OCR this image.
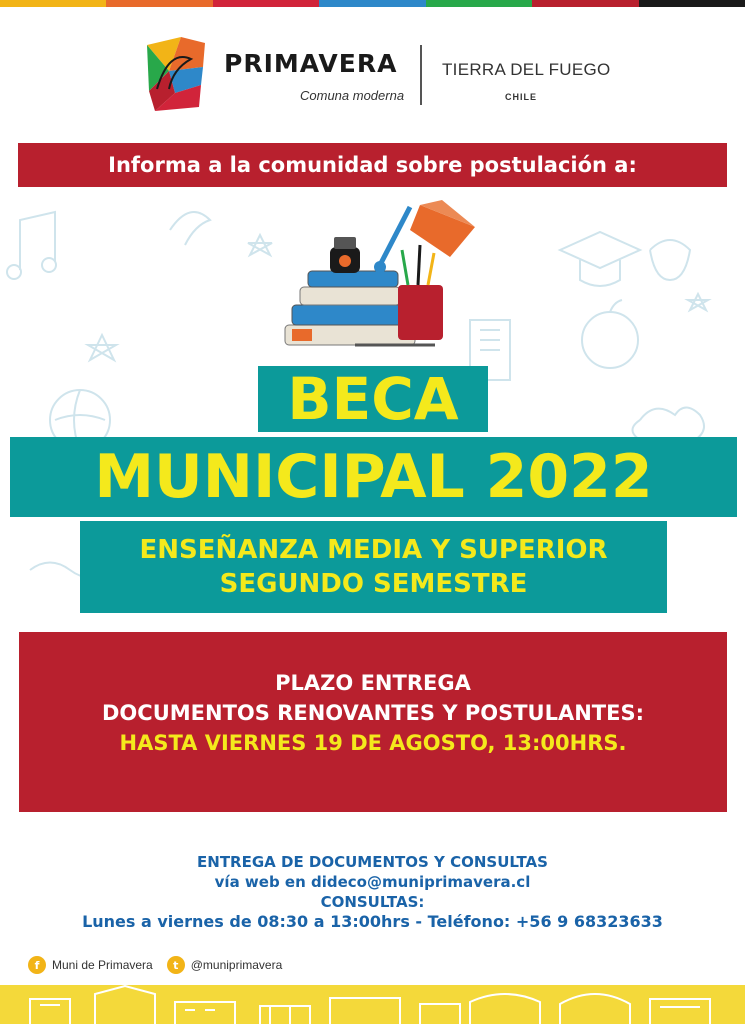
PRIMAVERA
Comuna moderna
TIERRA DEL FUEGO
CHILE
Informa a la comunidad sobre postulación a:
BECA
MUNICIPAL 2022
ENSEÑANZA MEDIA Y SUPERIOR
SEGUNDO SEMESTRE
PLAZO ENTREGA
DOCUMENTOS RENOVANTES Y POSTULANTES:
HASTA VIERNES 19 DE AGOSTO, 13:00HRS.
ENTREGA DE DOCUMENTOS Y CONSULTAS
vía web en dideco@muniprimavera.cl
CONSULTAS:
Lunes a viernes de 08:30 a 13:00hrs - Teléfono: +56 9 68323633
f	Muni de Primavera	t	@muniprimavera
